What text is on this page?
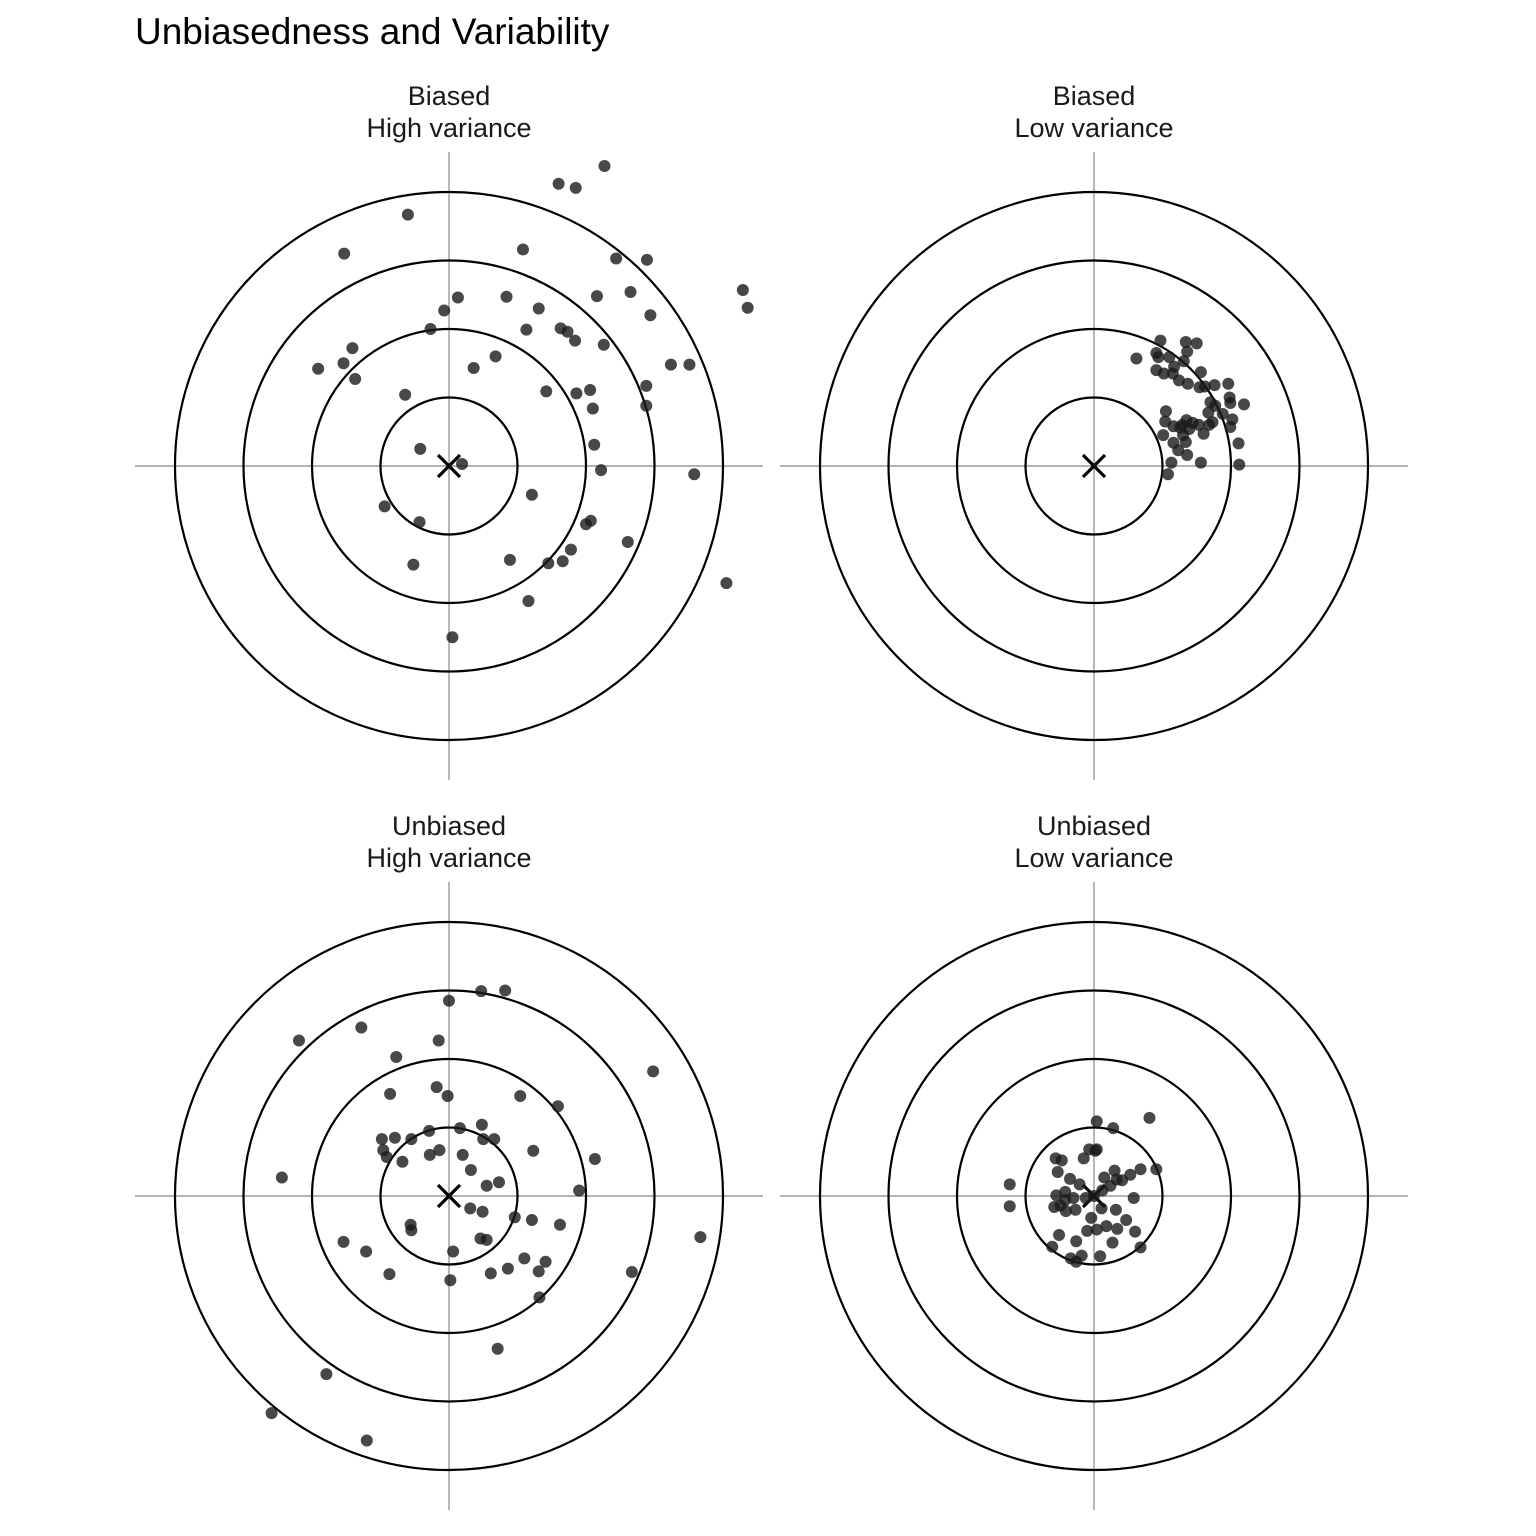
Unbiasedness and Variability
Biased
High variance
Biased
Low variance
Unbiased
High variance
Unbiased
Low variance
